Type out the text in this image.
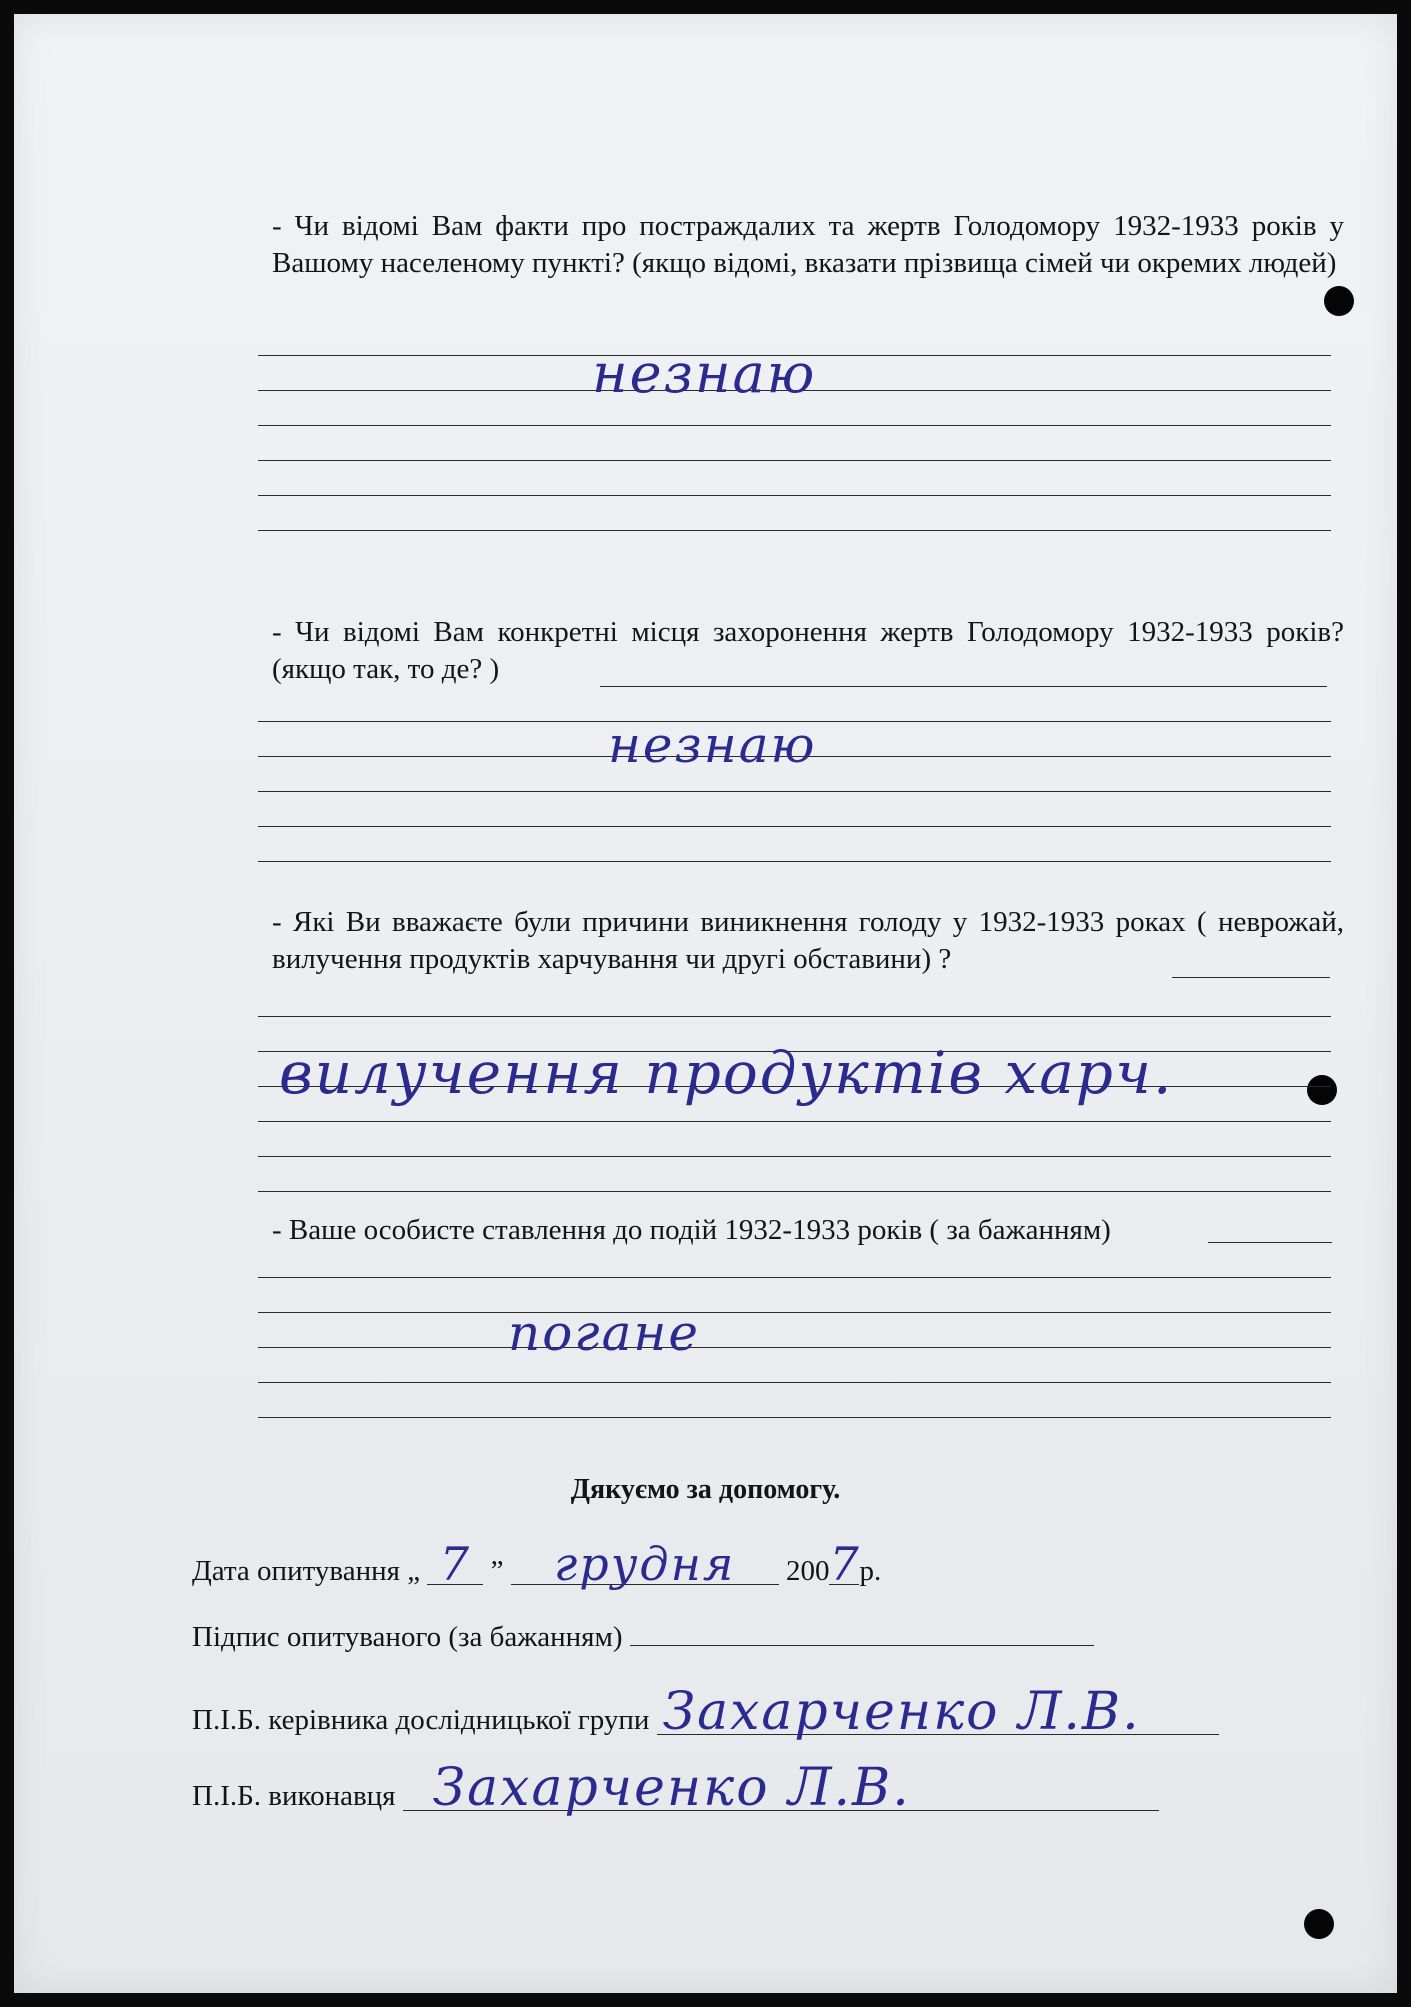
- Чи відомі Вам факти про постраждалих та жертв Голодомору 1932-1933 років у Вашому населеному пункті? (якщо відомі, вказати прізвища сімей чи окремих людей)
незнаю
- Чи відомі Вам конкретні місця захоронення жертв Голодомору 1932-1933 років? (якщо так, то де? )
незнаю
- Які Ви вважаєте були причини виникнення голоду у 1932-1933 роках ( неврожай, вилучення продуктів харчування чи другі обставини) ?
вилучення продуктів харч.
- Ваше особисте ставлення до подій 1932-1933 років ( за бажанням)
погане
Дякуємо за допомогу.
Дата опитування „ 7 ” грудня 2007р.
Підпис опитуваного (за бажанням)
П.І.Б. керівника дослідницької групи Захарченко Л.В.
П.І.Б. виконавця Захарченко Л.В.
